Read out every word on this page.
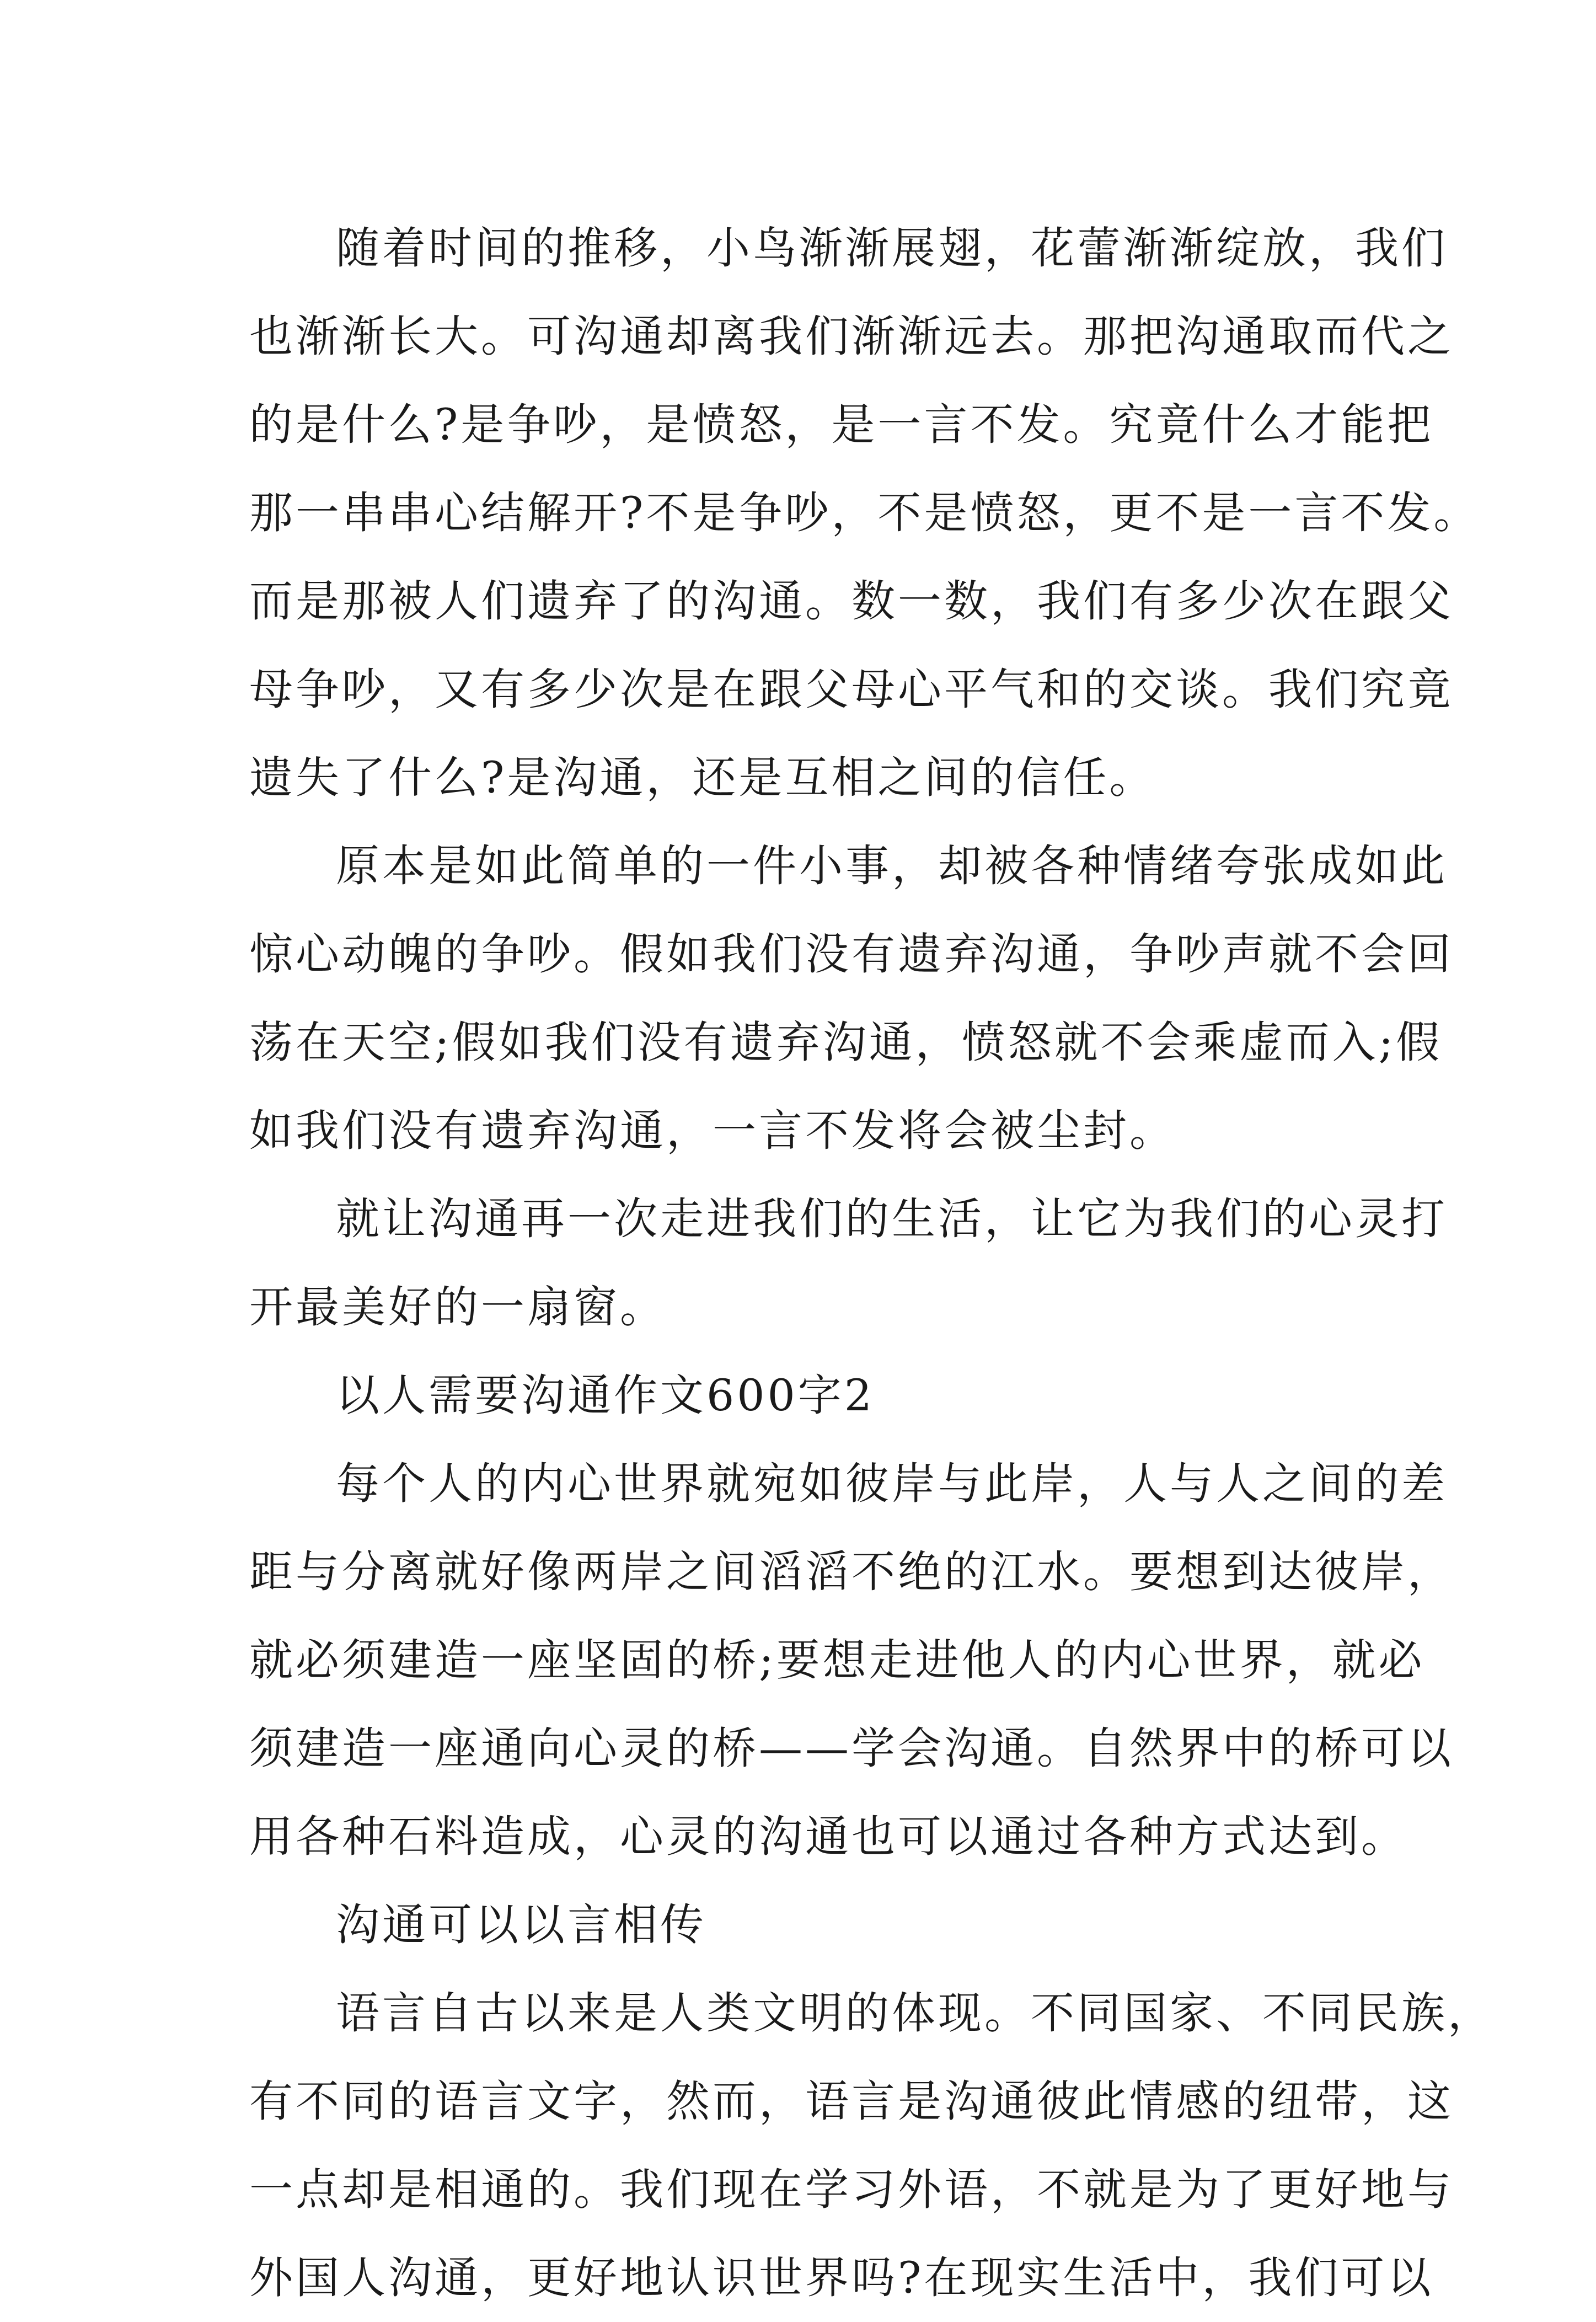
随着时间的推移，小鸟渐渐展翅，花蕾渐渐绽放，我们
也渐渐长大。可沟通却离我们渐渐远去。那把沟通取而代之
的是什么?是争吵，是愤怒，是一言不发。究竟什么才能把
那一串串心结解开?不是争吵，不是愤怒，更不是一言不发。
而是那被人们遗弃了的沟通。数一数，我们有多少次在跟父
母争吵，又有多少次是在跟父母心平气和的交谈。我们究竟
遗失了什么?是沟通，还是互相之间的信任。
原本是如此简单的一件小事，却被各种情绪夸张成如此
惊心动魄的争吵。假如我们没有遗弃沟通，争吵声就不会回
荡在天空;假如我们没有遗弃沟通，愤怒就不会乘虚而入;假
如我们没有遗弃沟通，一言不发将会被尘封。
就让沟通再一次走进我们的生活，让它为我们的心灵打
开最美好的一扇窗。
以人需要沟通作文600字2
每个人的内心世界就宛如彼岸与此岸，人与人之间的差
距与分离就好像两岸之间滔滔不绝的江水。要想到达彼岸，
就必须建造一座坚固的桥;要想走进他人的内心世界，就必
须建造一座通向心灵的桥——学会沟通。自然界中的桥可以
用各种石料造成，心灵的沟通也可以通过各种方式达到。
沟通可以以言相传
语言自古以来是人类文明的体现。不同国家、不同民族，
有不同的语言文字，然而，语言是沟通彼此情感的纽带，这
一点却是相通的。我们现在学习外语，不就是为了更好地与
外国人沟通，更好地认识世界吗?在现实生活中，我们可以
